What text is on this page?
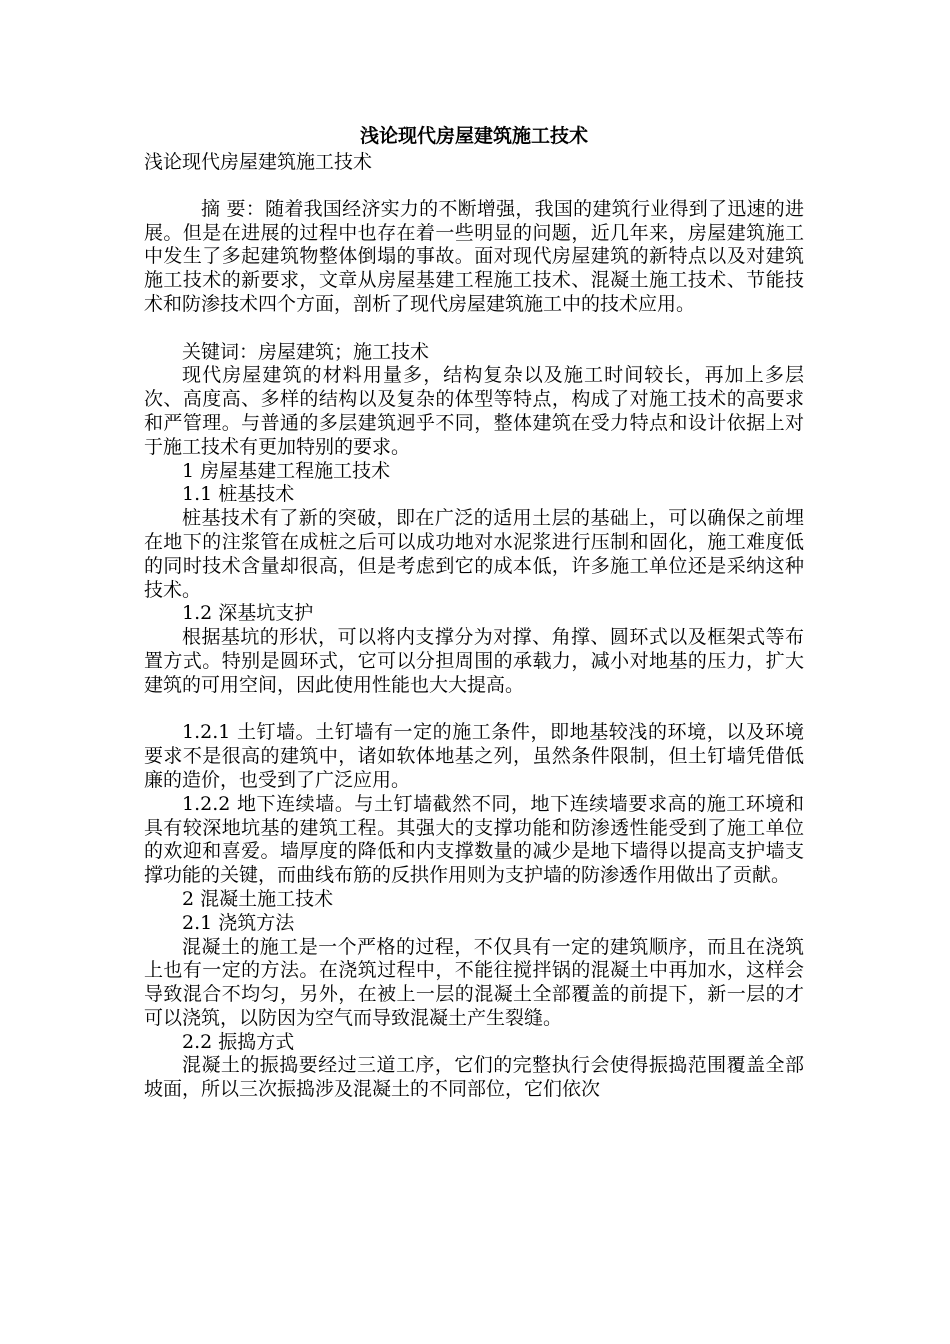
浅论现代房屋建筑施工技术

浅论现代房屋建筑施工技术

摘 要：随着我国经济实力的不断增强，我国的建筑行业得到了迅速的进展。但是在进展的过程中也存在着一些明显的问题，近几年来，房屋建筑施工中发生了多起建筑物整体倒塌的事故。面对现代房屋建筑的新特点以及对建筑施工技术的新要求，文章从房屋基建工程施工技术、混凝土施工技术、节能技术和防渗技术四个方面，剖析了现代房屋建筑施工中的技术应用。

关键词：房屋建筑；施工技术

现代房屋建筑的材料用量多，结构复杂以及施工时间较长，再加上多层次、高度高、多样的结构以及复杂的体型等特点，构成了对施工技术的高要求和严管理。与普通的多层建筑迥乎不同，整体建筑在受力特点和设计依据上对于施工技术有更加特别的要求。

1 房屋基建工程施工技术

1.1 桩基技术

桩基技术有了新的突破，即在广泛的适用土层的基础上，可以确保之前埋在地下的注浆管在成桩之后可以成功地对水泥浆进行压制和固化，施工难度低的同时技术含量却很高，但是考虑到它的成本低，许多施工单位还是采纳这种技术。

1.2 深基坑支护

根据基坑的形状，可以将内支撑分为对撑、角撑、圆环式以及框架式等布置方式。特别是圆环式，它可以分担周围的承载力，减小对地基的压力，扩大建筑的可用空间，因此使用性能也大大提高。

1.2.1 土钉墙。土钉墙有一定的施工条件，即地基较浅的环境，以及环境要求不是很高的建筑中，诸如软体地基之列，虽然条件限制，但土钉墙凭借低廉的造价，也受到了广泛应用。

1.2.2 地下连续墙。与土钉墙截然不同，地下连续墙要求高的施工环境和具有较深地坑基的建筑工程。其强大的支撑功能和防渗透性能受到了施工单位的欢迎和喜爱。墙厚度的降低和内支撑数量的减少是地下墙得以提高支护墙支撑功能的关键，而曲线布筋的反拱作用则为支护墙的防渗透作用做出了贡献。

2 混凝土施工技术

2.1 浇筑方法

混凝土的施工是一个严格的过程，不仅具有一定的建筑顺序，而且在浇筑上也有一定的方法。在浇筑过程中，不能往搅拌锅的混凝土中再加水，这样会导致混合不均匀，另外，在被上一层的混凝土全部覆盖的前提下，新一层的才可以浇筑，以防因为空气而导致混凝土产生裂缝。

2.2 振捣方式

混凝土的振捣要经过三道工序，它们的完整执行会使得振捣范围覆盖全部坡面，所以三次振捣涉及混凝土的不同部位，它们依次
